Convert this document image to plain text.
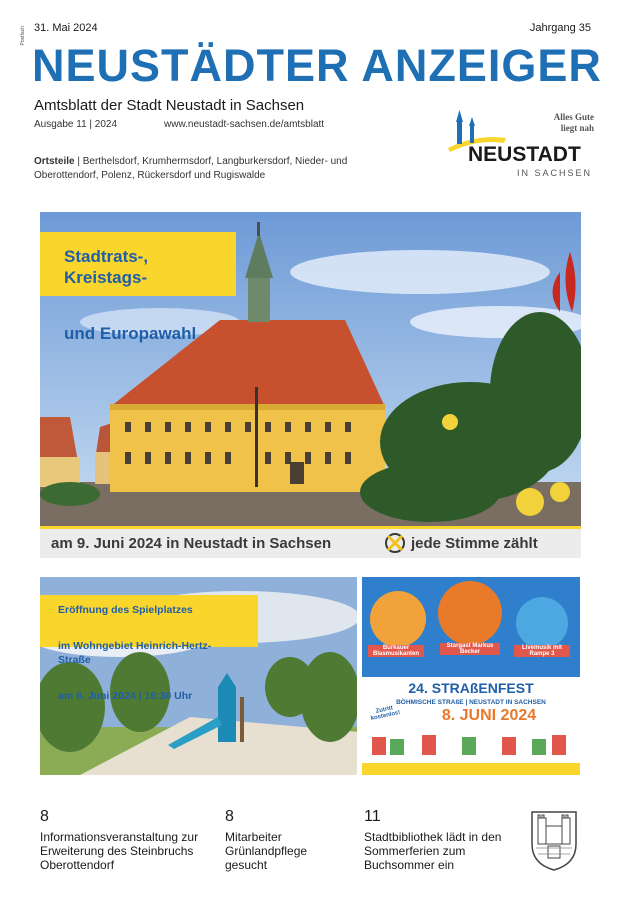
Postfach 31. Mai 2024	Jahrgang 35
NEUSTÄDTER ANZEIGER
Amtsblatt der Stadt Neustadt in Sachsen
Ausgabe 11 | 2024	www.neustadt-sachsen.de/amtsblatt
Ortsteile | Berthelsdorf, Krumhermsdorf, Langburkersdorf, Nieder- und Oberottendorf, Polenz, Rückersdorf und Rugiswalde
Alles Gute
liegt nah
NEUSTADT
IN SACHSEN
Stadtrats-, Kreistags-

und Europawahl
am 9. Juni 2024 in Neustadt in Sachsen	jede Stimme zählt
Eröffnung des Spielplatzes

im Wohngebiet Heinrich-Hertz-Straße

am 6. Juni 2024 | 16:30 Uhr
Burkauer Blasmusikanten
Stargast Markus Becker
Livemusik mit Rampe 3
24. STRAßENFEST
BÖHMISCHE STRAßE | NEUSTADT IN SACHSEN
Zutritt kostenlos!	8. JUNI 2024
8
Informationsveranstaltung zur Erweiterung des Steinbruchs Oberottendorf
8
Mitarbeiter Grünlandpflege gesucht
11
Stadtbibliothek lädt in den Sommerferien zum Buchsommer ein
